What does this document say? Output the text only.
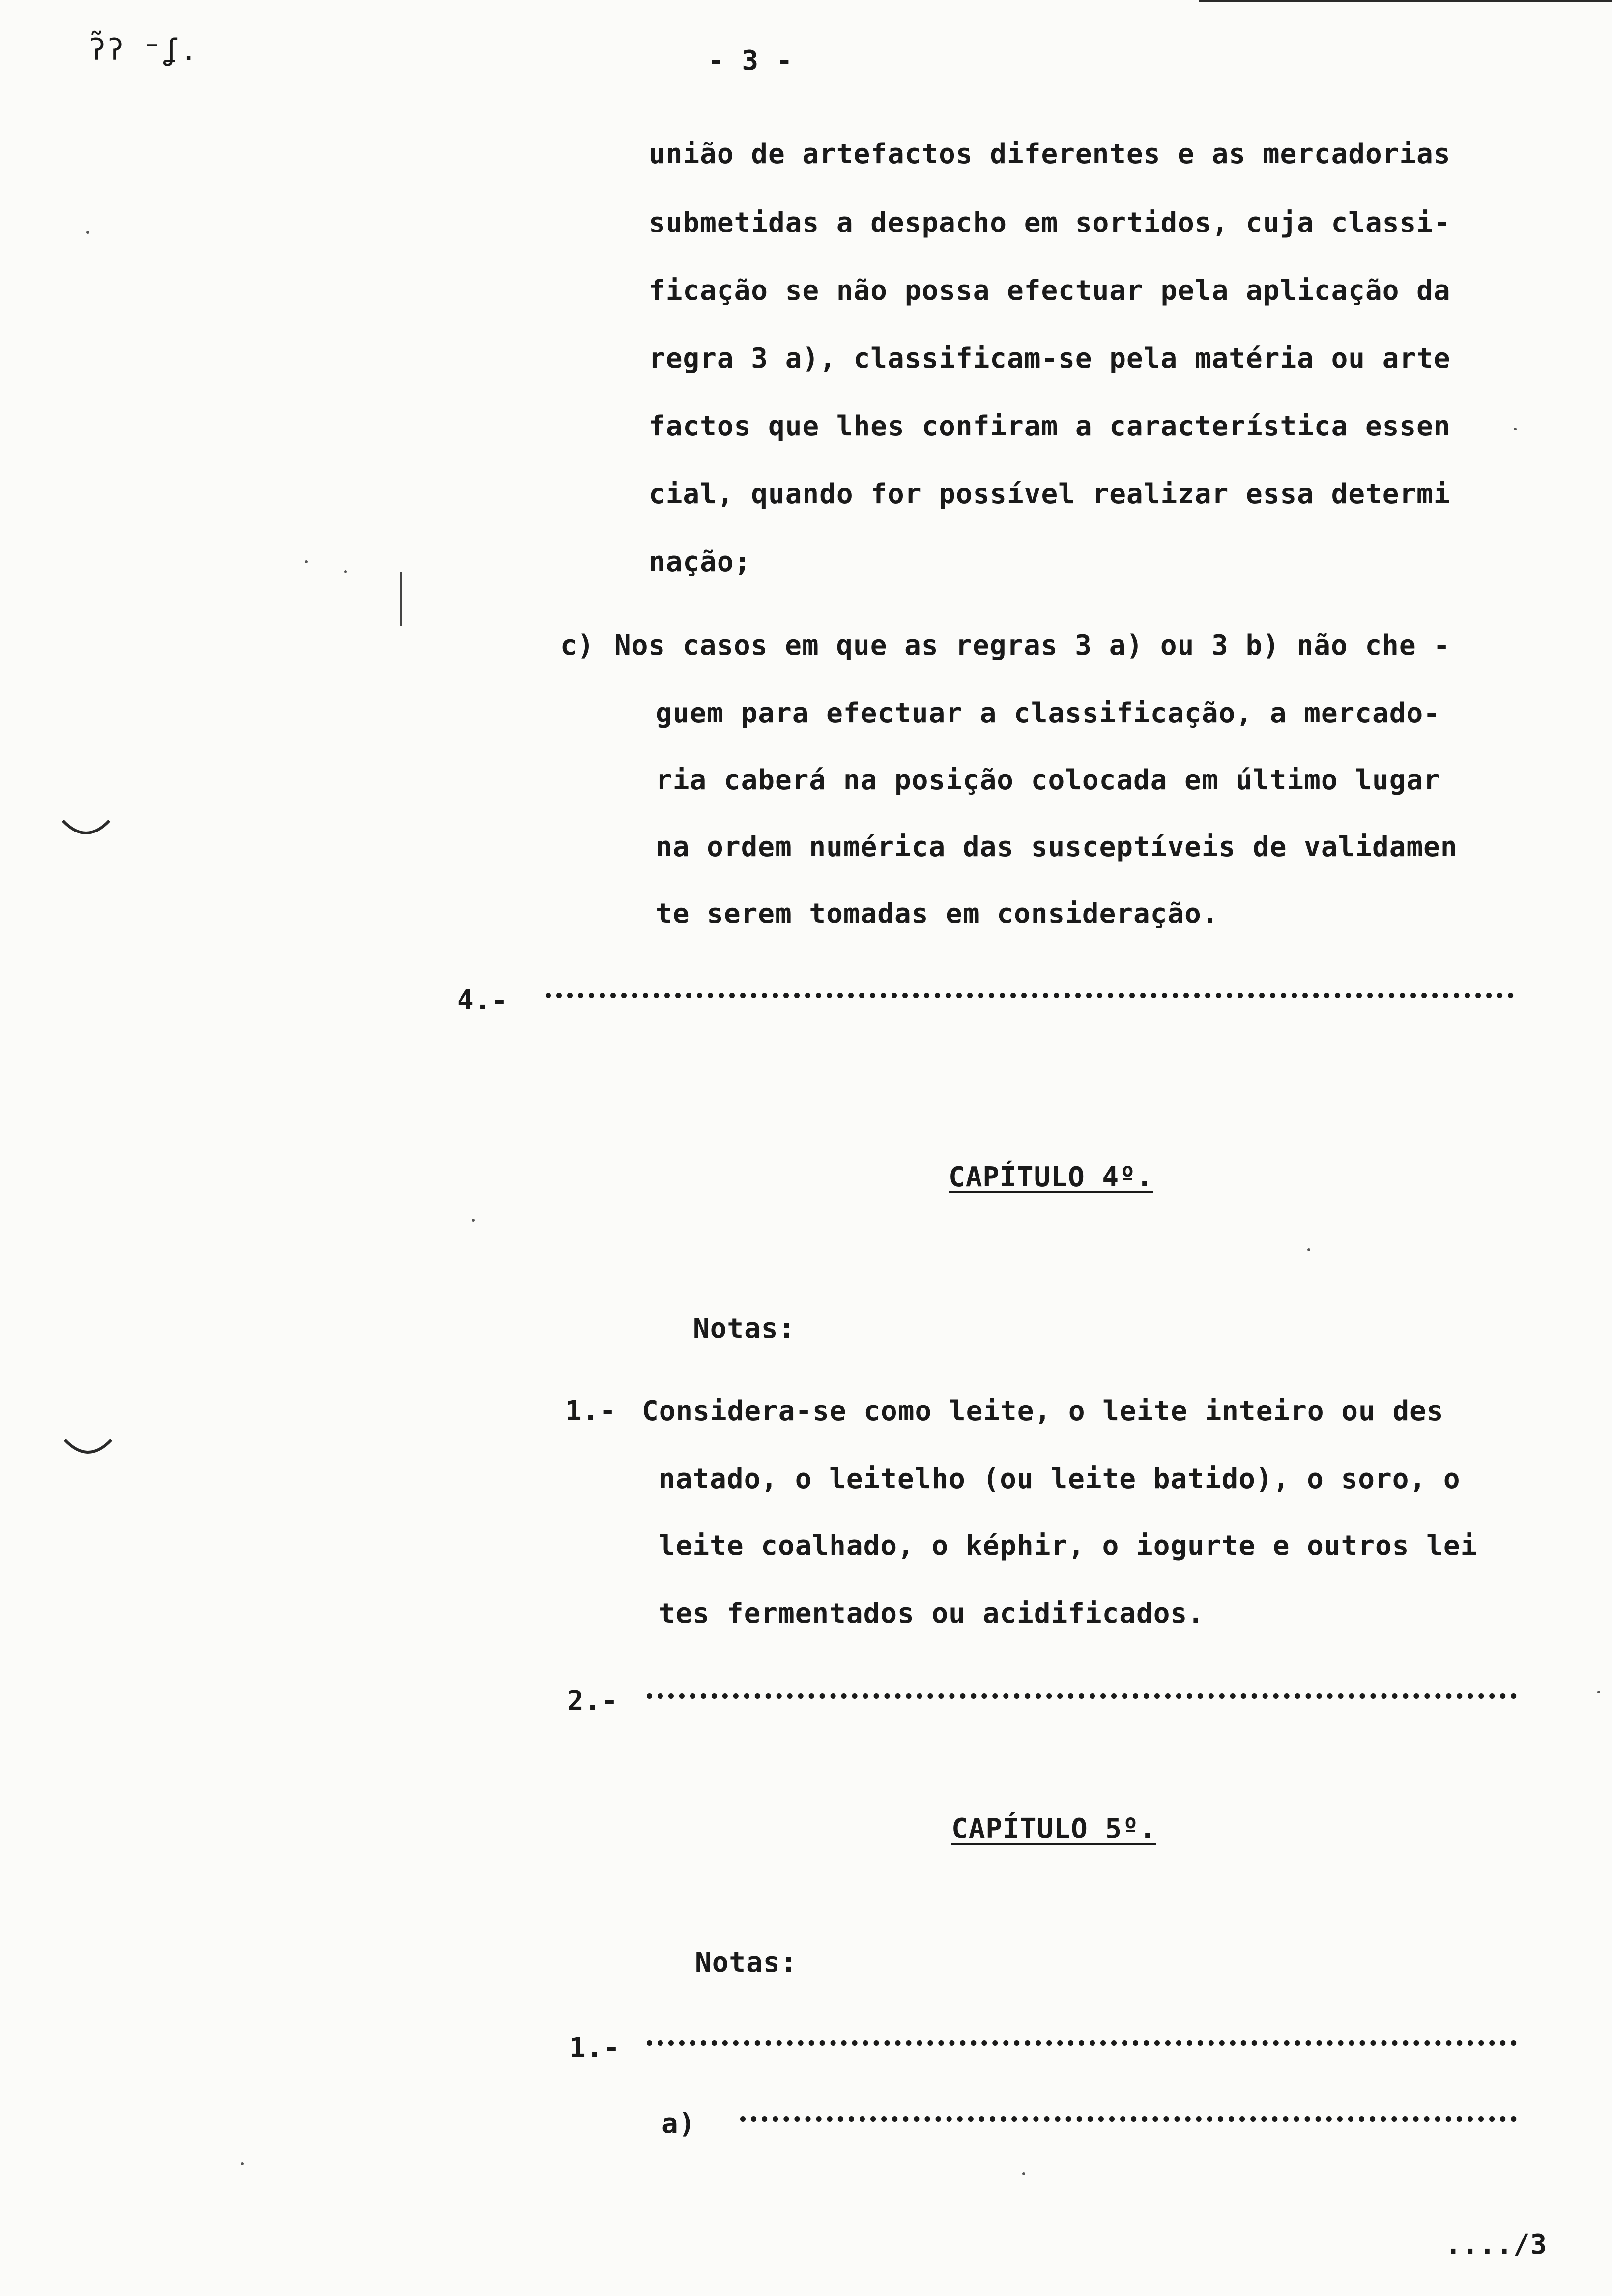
ʔ̃ʔ ⁻ʆ.	- 3 -
união de artefactos diferentes e as mercadorias
submetidas a despacho em sortidos, cuja classi-
ficação se não possa efectuar pela aplicação da
regra 3 a), classificam-se pela matéria ou arte
factos que lhes confiram a característica essen
cial, quando for possível realizar essa determi
nação;
c) Nos casos em que as regras 3 a) ou 3 b) não che -
guem para efectuar a classificação, a mercado-
ria caberá na posição colocada em último lugar
na ordem numérica das susceptíveis de validamen
te serem tomadas em consideração.
4.-
CAPÍTULO 4º.
Notas:
1.- Considera-se como leite, o leite inteiro ou des
natado, o leitelho (ou leite batido), o soro, o
leite coalhado, o képhir, o iogurte e outros lei
tes fermentados ou acidificados.
2.-
CAPÍTULO 5º.
Notas:
1.-
a)
..../3
